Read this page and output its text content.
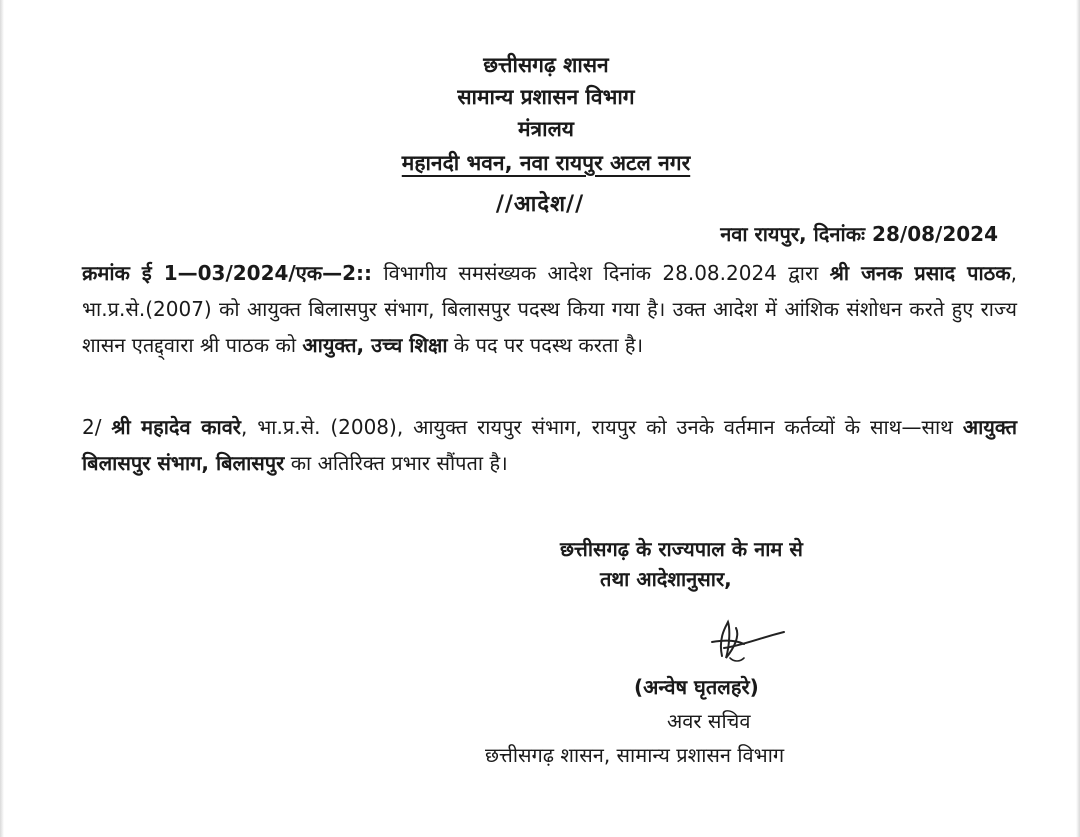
छत्तीसगढ़ शासन
सामान्य प्रशासन विभाग
मंत्रालय
महानदी भवन, नवा रायपुर अटल नगर
//आदेश//
नवा रायपुर, दिनांकः 28/08/2024
क्रमांक ई 1—03/2024/एक—2:: विभागीय समसंख्यक आदेश दिनांक 28.08.2024 द्वारा श्री जनक प्रसाद पाठक, भा.प्र.से.(2007) को आयुक्त बिलासपुर संभाग, बिलासपुर पदस्थ किया गया है। उक्त आदेश में आंशिक संशोधन करते हुए राज्य शासन एतद्द्वारा श्री पाठक को आयुक्त, उच्च शिक्षा के पद पर पदस्थ करता है।
2/ श्री महादेव कावरे, भा.प्र.से. (2008), आयुक्त रायपुर संभाग, रायपुर को उनके वर्तमान कर्तव्यों के साथ—साथ आयुक्त बिलासपुर संभाग, बिलासपुर का अतिरिक्त प्रभार सौंपता है।
छत्तीसगढ़ के राज्यपाल के नाम से
तथा आदेशानुसार,
(अन्वेष घृतलहरे)
अवर सचिव
छत्तीसगढ़ शासन, सामान्य प्रशासन विभाग
